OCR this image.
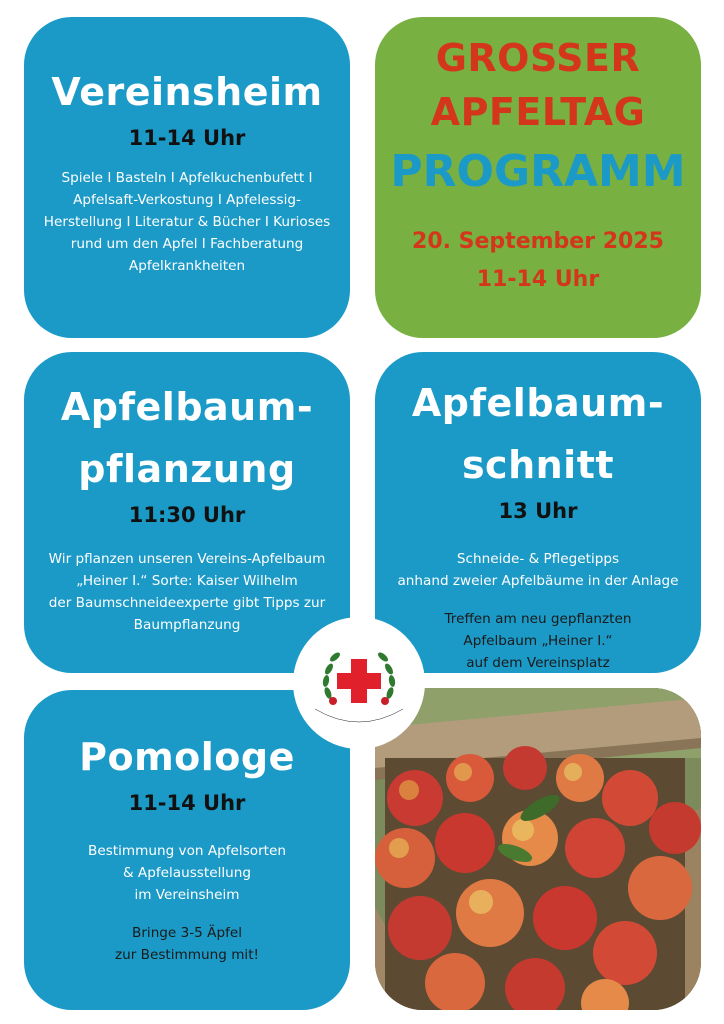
Vereinsheim
11-14 Uhr
Spiele I Basteln I Apfelkuchenbufett I
Apfelsaft-Verkostung I Apfelessig-
Herstellung I Literatur & Bücher I Kurioses
rund um den Apfel I Fachberatung
Apfelkrankheiten
GROSSER
APFELTAG
PROGRAMM
20. September 2025
11-14 Uhr
Apfelbaum-
pflanzung
11:30 Uhr
Wir pflanzen unseren Vereins-Apfelbaum
„Heiner I.“ Sorte: Kaiser Wilhelm
der Baumschneideexperte gibt Tipps zur
Baumpflanzung
Apfelbaum-
schnitt
13 Uhr
Schneide- & Pflegetipps
anhand zweier Apfelbäume in der Anlage
Treffen am neu gepflanzten
Apfelbaum „Heiner I.“
auf dem Vereinsplatz
Pomologe
11-14 Uhr
Bestimmung von Apfelsorten
& Apfelausstellung
im Vereinsheim
Bringe 3-5 Äpfel
zur Bestimmung mit!
